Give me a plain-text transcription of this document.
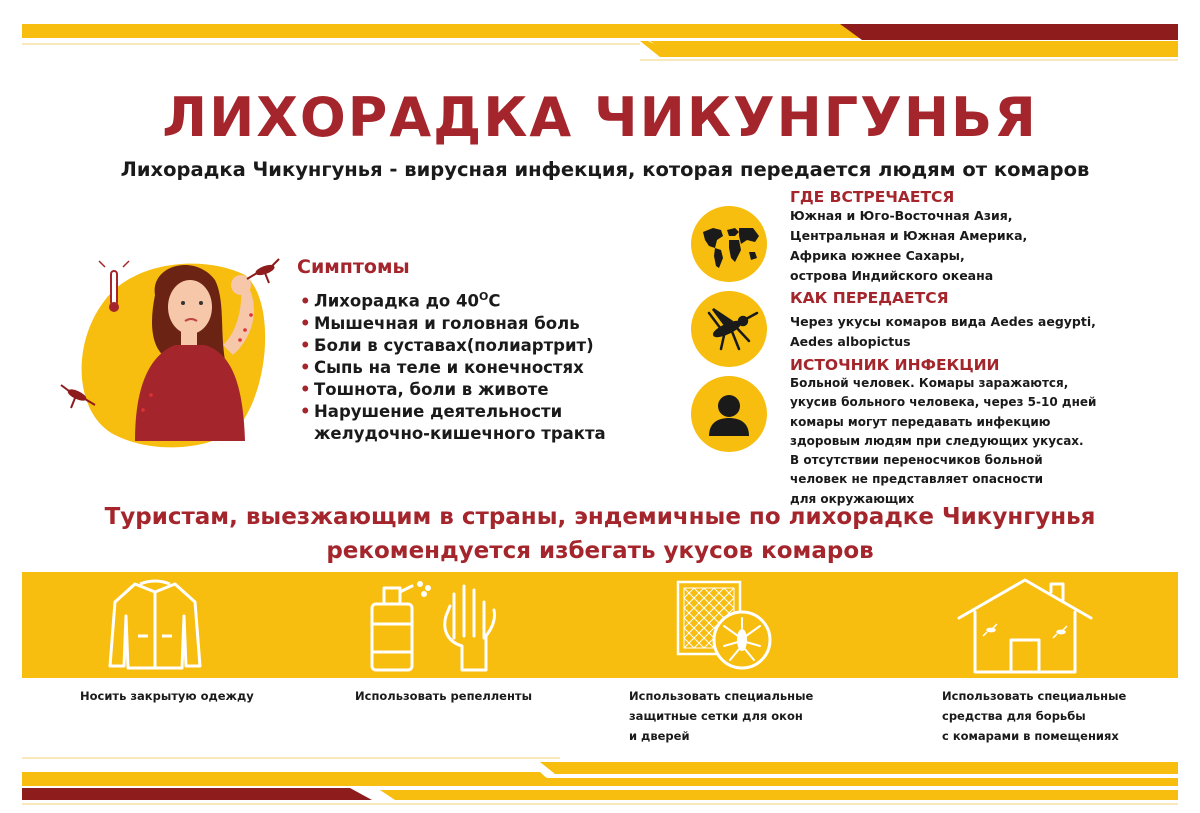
ЛИХОРАДКА ЧИКУНГУНЬЯ
Лихорадка Чикунгунья - вирусная инфекция, которая передается людям от комаров
Симптомы
• Лихорадка до $40^OC$
• Мышечная и головная боль
• Боли в суставах(полиартрит)
• Сыпь на теле и конечностях
• Тошнота, боли в животе
• Нарушение деятельности
желудочно-кишечного тракта
ГДЕ ВСТРЕЧАЕТСЯ
Южная и Юго-Восточная Азия,
Центральная и Южная Америка,
Африка южнее Сахары,
острова Индийского океана
КАК ПЕРЕДАЕТСЯ
Через укусы комаров вида Aedes aegypti,
Aedes albopictus
ИСТОЧНИК ИНФЕКЦИИ
Больной человек. Комары заражаются,
укусив больного человека, через 5-10 дней
комары могут передавать инфекцию
здоровым людям при следующих укусах.
В отсутствии переносчиков больной
человек не представляет опасности
для окружающих
Туристам, выезжающим в страны, эндемичные по лихорадке Чикунгунья
рекомендуется избегать укусов комаров
Носить закрытую одежду	Использовать репелленты	Использовать специальные
защитные сетки для окон
и дверей
Использовать специальные
средства для борьбы
с комарами в помещениях
